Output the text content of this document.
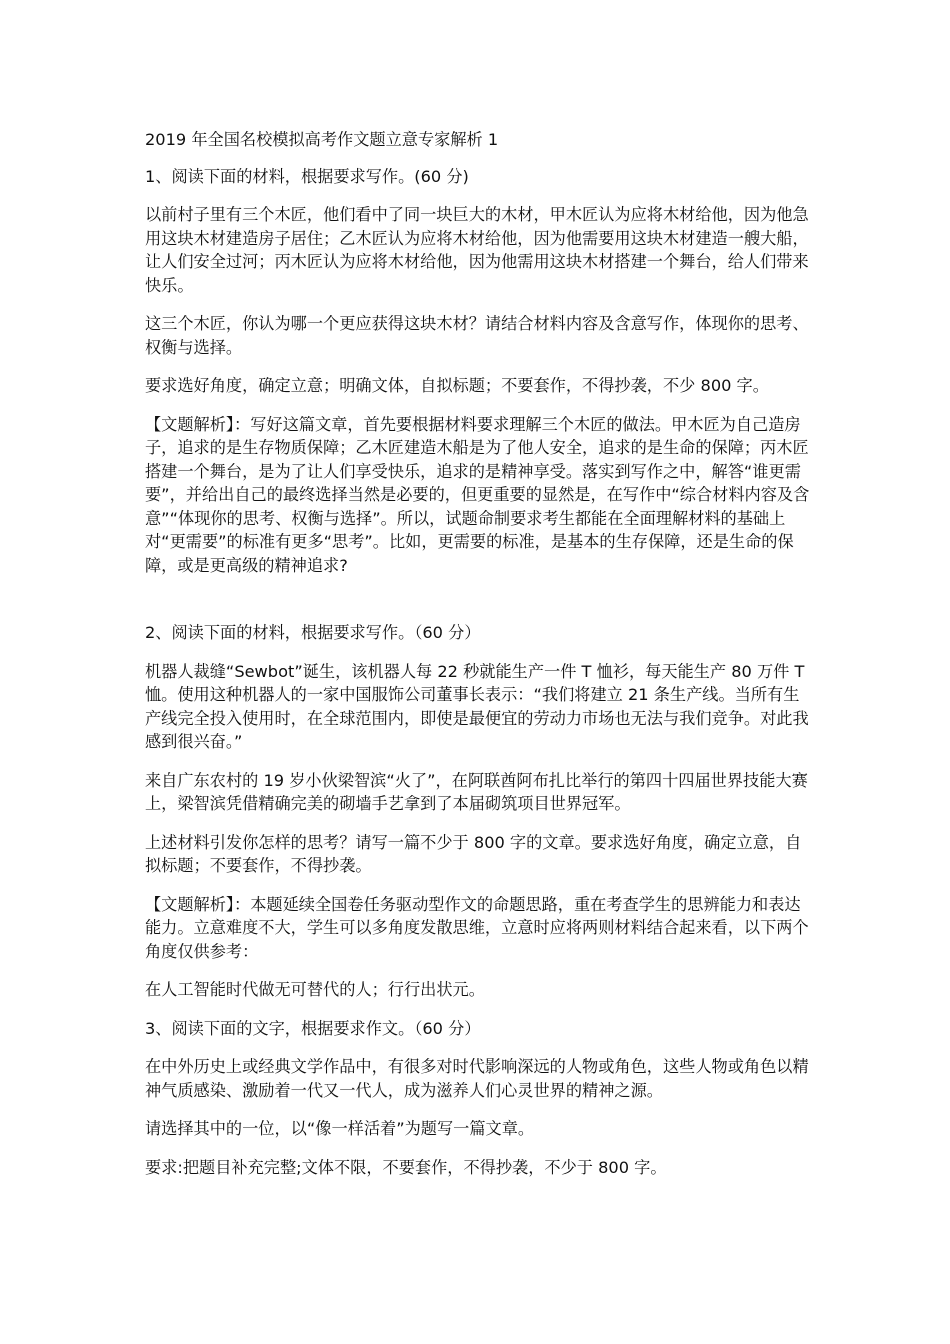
2019 年全国名校模拟高考作文题立意专家解析 1

1、阅读下面的材料，根据要求写作。(60 分)

以前村子里有三个木匠，他们看中了同一块巨大的木材，甲木匠认为应将木材给他，因为他急用这块木材建造房子居住；乙木匠认为应将木材给他，因为他需要用这块木材建造一艘大船，让人们安全过河；丙木匠认为应将木材给他，因为他需用这块木材搭建一个舞台，给人们带来快乐。

这三个木匠，你认为哪一个更应获得这块木材？请结合材料内容及含意写作，体现你的思考、权衡与选择。

要求选好角度，确定立意；明确文体，自拟标题；不要套作，不得抄袭，不少 800 字。

【文题解析】：写好这篇文章，首先要根据材料要求理解三个木匠的做法。甲木匠为自己造房子，追求的是生存物质保障；乙木匠建造木船是为了他人安全，追求的是生命的保障；丙木匠搭建一个舞台，是为了让人们享受快乐，追求的是精神享受。落实到写作之中，解答“谁更需要”，并给出自己的最终选择当然是必要的，但更重要的显然是，在写作中“综合材料内容及含意”“体现你的思考、权衡与选择”。所以，试题命制要求考生都能在全面理解材料的基础上对“更需要”的标准有更多“思考”。比如，更需要的标准，是基本的生存保障，还是生命的保障，或是更高级的精神追求?

2、阅读下面的材料，根据要求写作。（60 分）

机器人裁缝“Sewbot”诞生，该机器人每 22 秒就能生产一件 T 恤衫，每天能生产 80 万件 T 恤。使用这种机器人的一家中国服饰公司董事长表示：“我们将建立 21 条生产线。当所有生产线完全投入使用时，在全球范围内，即使是最便宜的劳动力市场也无法与我们竞争。对此我感到很兴奋。”

来自广东农村的 19 岁小伙梁智滨“火了”，在阿联酋阿布扎比举行的第四十四届世界技能大赛上，梁智滨凭借精确完美的砌墙手艺拿到了本届砌筑项目世界冠军。

上述材料引发你怎样的思考？请写一篇不少于 800 字的文章。要求选好角度，确定立意，自拟标题；不要套作，不得抄袭。

【文题解析】：本题延续全国卷任务驱动型作文的命题思路，重在考查学生的思辨能力和表达能力。立意难度不大，学生可以多角度发散思维，立意时应将两则材料结合起来看，以下两个角度仅供参考：

在人工智能时代做无可替代的人；行行出状元。

3、阅读下面的文字，根据要求作文。（60 分）

在中外历史上或经典文学作品中，有很多对时代影响深远的人物或角色，这些人物或角色以精神气质感染、激励着一代又一代人，成为滋养人们心灵世界的精神之源。

请选择其中的一位，以“像一样活着”为题写一篇文章。

要求:把题目补充完整;文体不限，不要套作，不得抄袭，不少于 800 字。
